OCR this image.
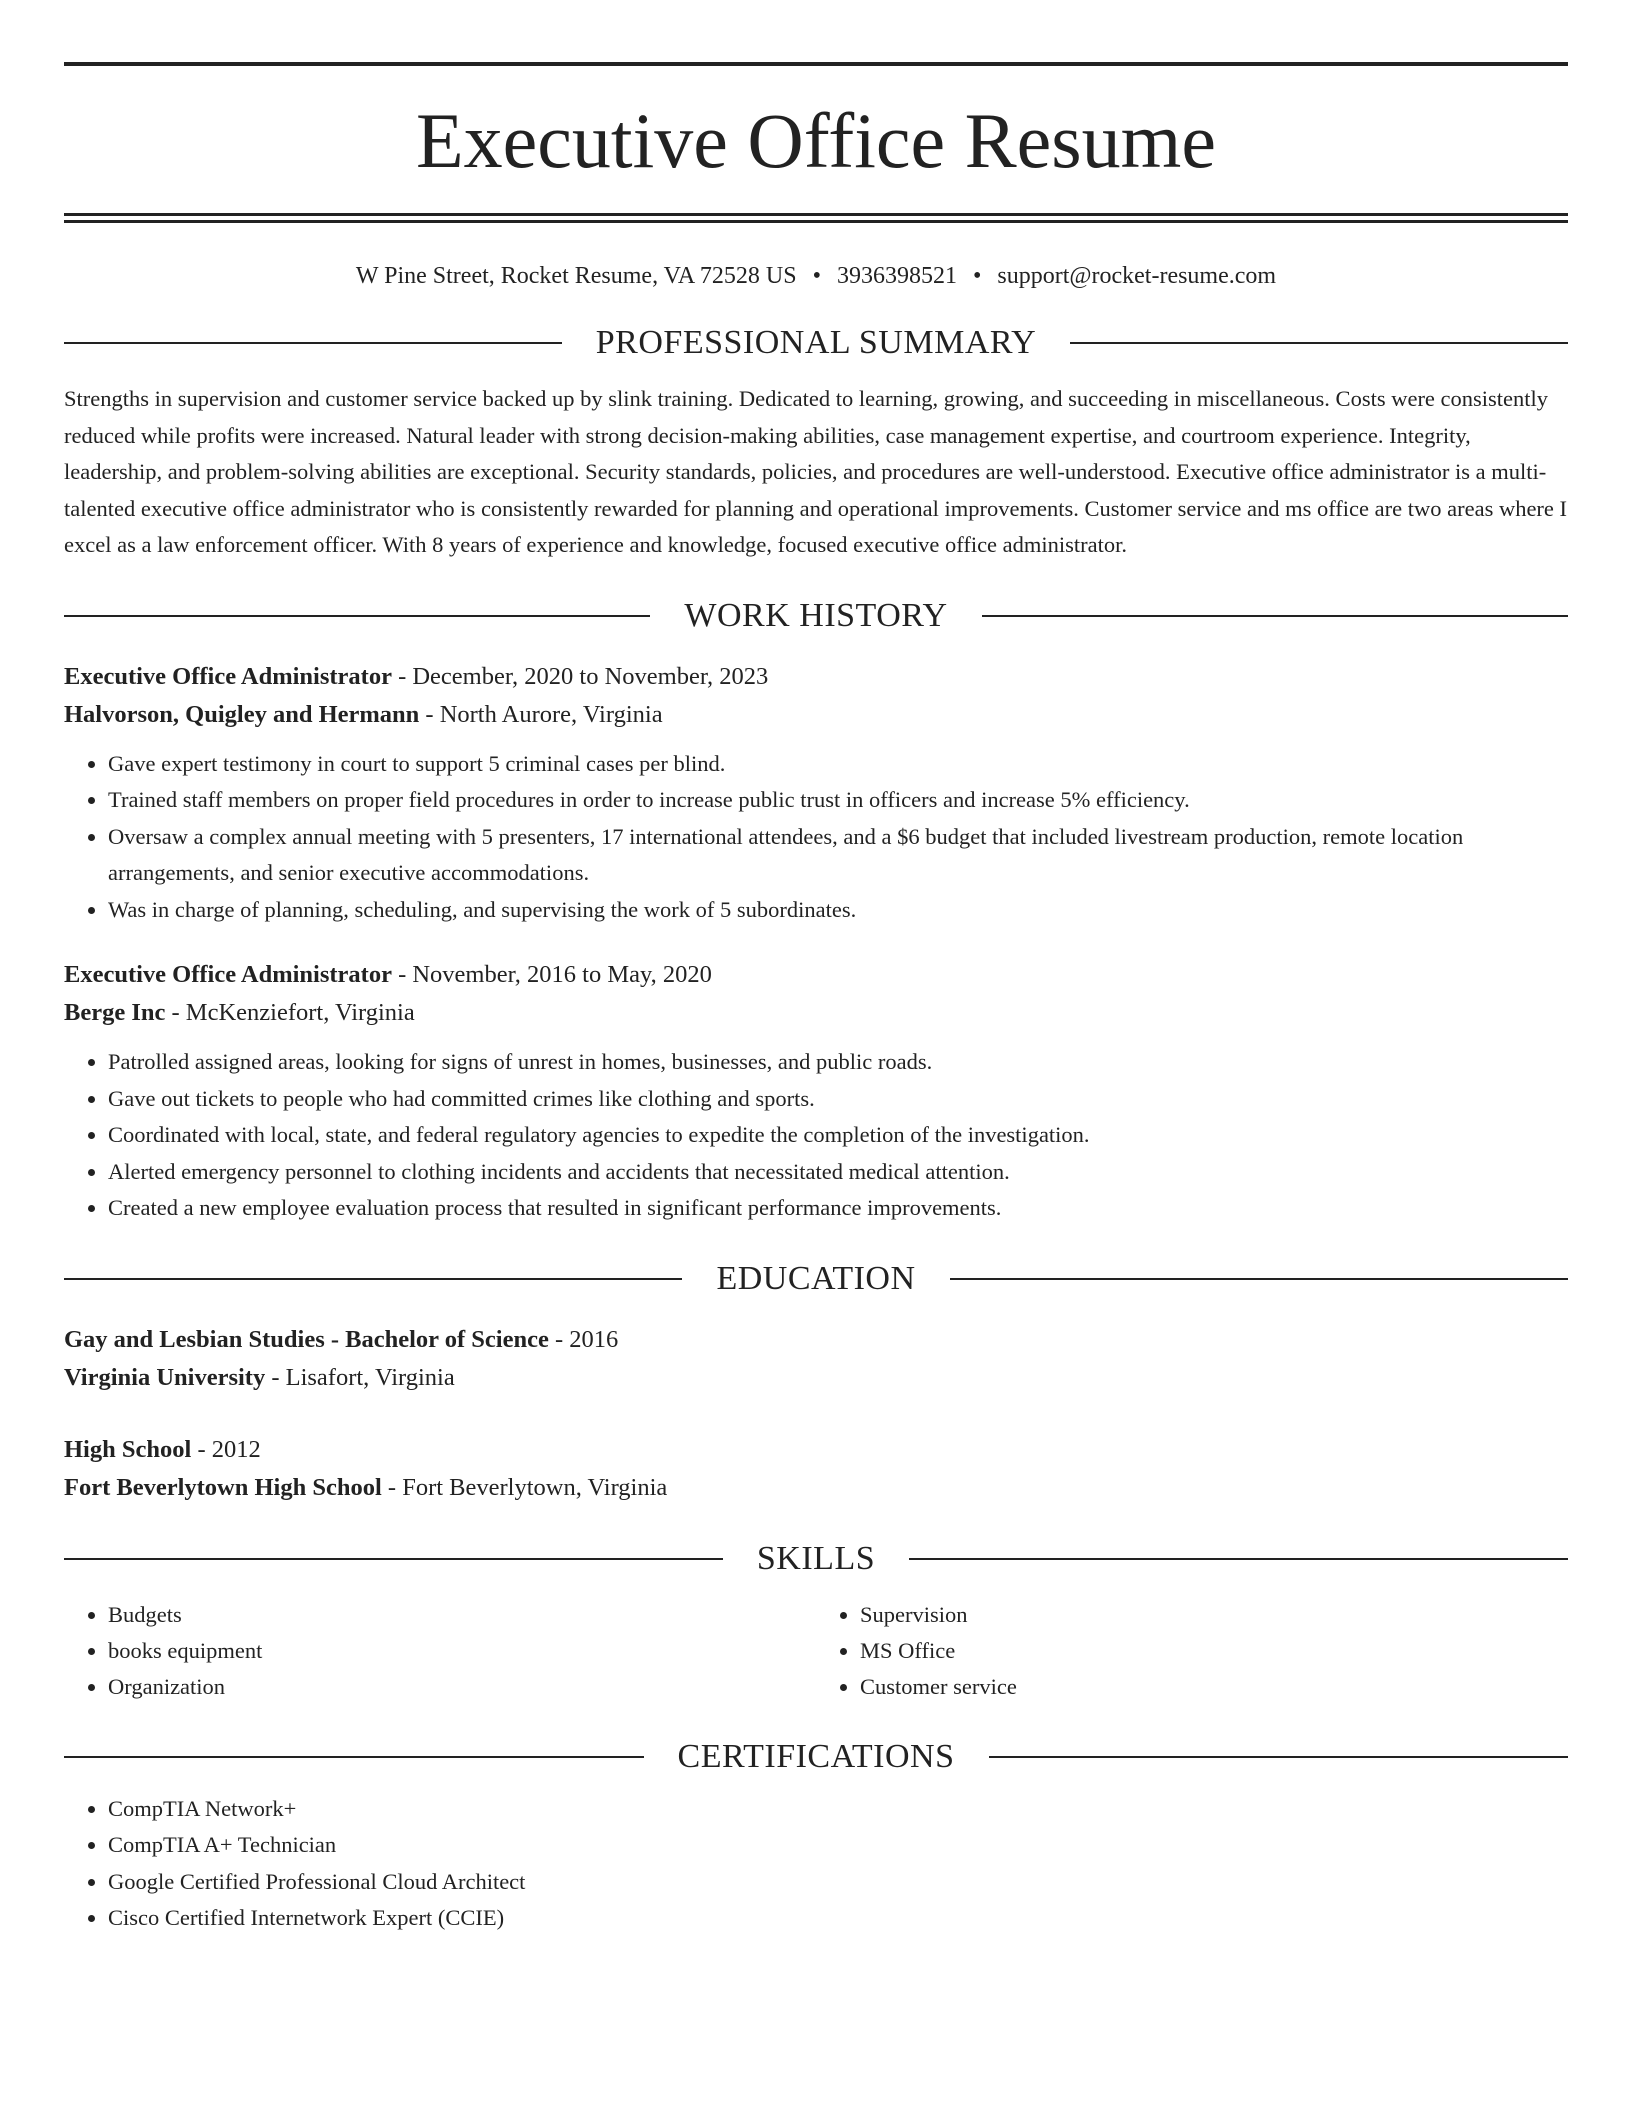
Executive Office Resume
W Pine Street, Rocket Resume, VA 72528 US • 3936398521 • support@rocket-resume.com
PROFESSIONAL SUMMARY
Strengths in supervision and customer service backed up by slink training. Dedicated to learning, growing, and succeeding in miscellaneous. Costs were consistently reduced while profits were increased. Natural leader with strong decision-making abilities, case management expertise, and courtroom experience. Integrity, leadership, and problem-solving abilities are exceptional. Security standards, policies, and procedures are well-understood. Executive office administrator is a multi-talented executive office administrator who is consistently rewarded for planning and operational improvements. Customer service and ms office are two areas where I excel as a law enforcement officer. With 8 years of experience and knowledge, focused executive office administrator.
WORK HISTORY
Executive Office Administrator - December, 2020 to November, 2023
Halvorson, Quigley and Hermann - North Aurore, Virginia
• Gave expert testimony in court to support 5 criminal cases per blind.
• Trained staff members on proper field procedures in order to increase public trust in officers and increase 5% efficiency.
• Oversaw a complex annual meeting with 5 presenters, 17 international attendees, and a $6 budget that included livestream production, remote location arrangements, and senior executive accommodations.
• Was in charge of planning, scheduling, and supervising the work of 5 subordinates.
Executive Office Administrator - November, 2016 to May, 2020
Berge Inc - McKenziefort, Virginia
• Patrolled assigned areas, looking for signs of unrest in homes, businesses, and public roads.
• Gave out tickets to people who had committed crimes like clothing and sports.
• Coordinated with local, state, and federal regulatory agencies to expedite the completion of the investigation.
• Alerted emergency personnel to clothing incidents and accidents that necessitated medical attention.
• Created a new employee evaluation process that resulted in significant performance improvements.
EDUCATION
Gay and Lesbian Studies - Bachelor of Science - 2016
Virginia University - Lisafort, Virginia
High School - 2012
Fort Beverlytown High School - Fort Beverlytown, Virginia
SKILLS
• Budgets
• books equipment
• Organization
• Supervision
• MS Office
• Customer service
CERTIFICATIONS
• CompTIA Network+
• CompTIA A+ Technician
• Google Certified Professional Cloud Architect
• Cisco Certified Internetwork Expert (CCIE)
